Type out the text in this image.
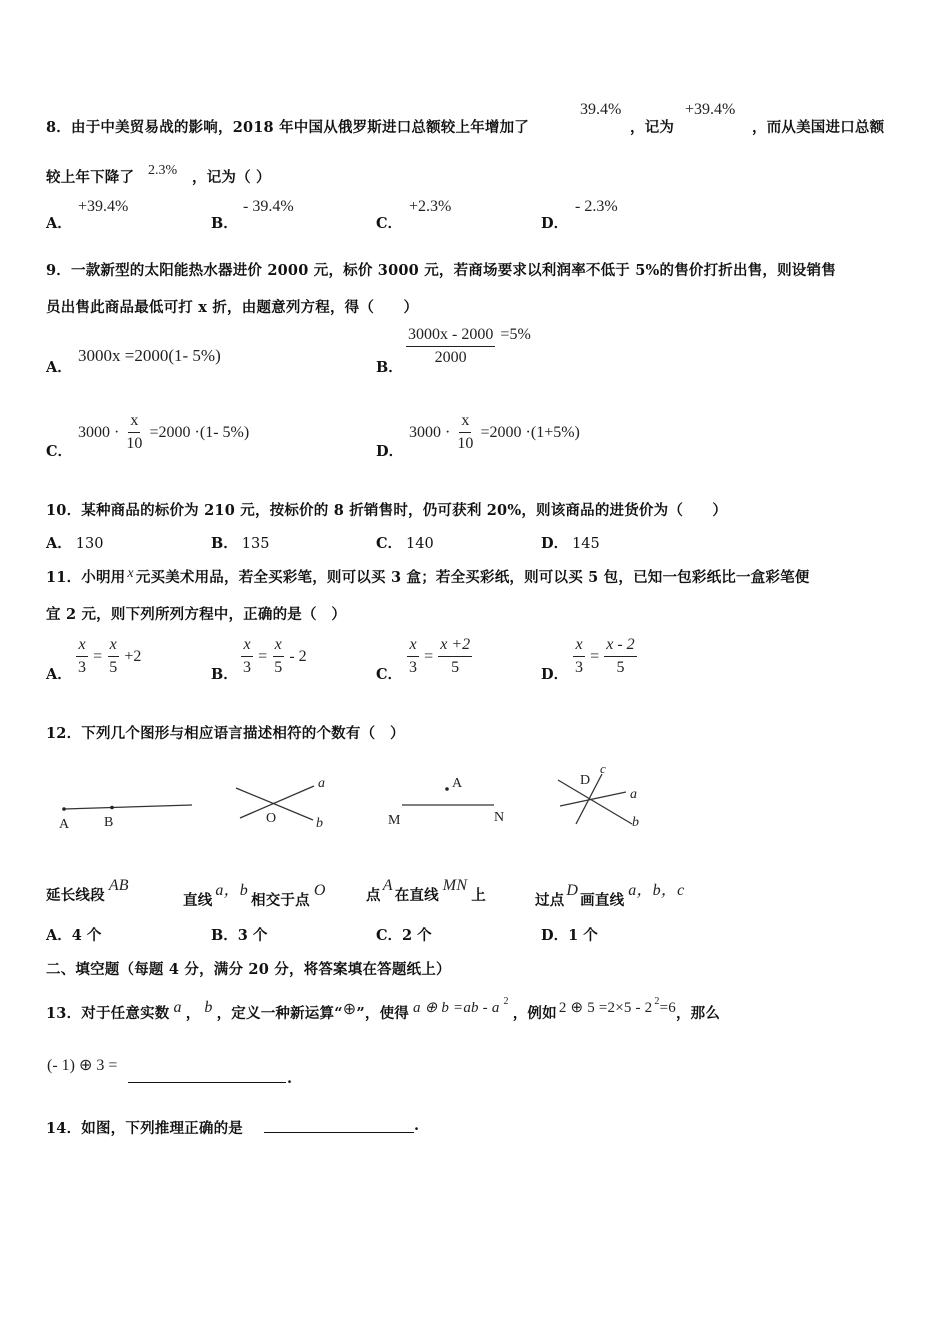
8．由于中美贸易战的影响，2018 年中国从俄罗斯进口总额较上年增加了
39.4%
，记为
+39.4%
，而从美国进口总额
较上年下降了 2.3% ，记为（ ）
A．
+39.4%
B．
- 39.4%
C．
+2.3%
D．
- 2.3%
9．一款新型的太阳能热水器进价 2000 元，标价 3000 元，若商场要求以利润率不低于 5%的售价打折出售，则设销售
员出售此商品最低可打 x 折，由题意列方程，得（　　）
A．
3000x =2000(1- 5%)
B．
$\frac{3000x - 2000}{2000} =5\%$
C．
$3000 \cdot \frac{x}{10} =2000 \cdot(1-$ 5%)
D．
$3000 \cdot \frac{x}{10} =2000 \cdot(1+5\%)$
10．某种商品的标价为 210 元，按标价的 8 折销售时，仍可获利 20%，则该商品的进货价为（　　）
A． 130	B． 135	C． 140	D． 145
11．小明用 x 元买美术用品，若全买彩笔，则可以买 3 盒；若全买彩纸，则可以买 5 包，已知一包彩纸比一盒彩笔便
宜 2 元，则下列所列方程中，正确的是（　）
A． $\frac{x}{3} = \frac{x}{5} +2$
B． $\frac{x}{3} = \frac{x}{5} - 2$
C． $\frac{x}{3} = \frac{x +2}{5}$	D． $\frac{x}{3} = \frac{x - 2}{5}$
12．下列几个图形与相应语言描述相符的个数有（　）
A B
a
O	b
A
M	N
D
c
a
b
延长线段AB
直线a，b相交于点O	点A在直线MN上	过点D画直线a，b，c
A．4 个	B．3 个	C．2 个	D．1 个
二、填空题（每题 4 分，满分 20 分，将答案填在答题纸上）
13．对于任意实数 a ， b ，定义一种新运算“⊕”，使得 a ⊕ b =ab - a $^2$，例如 2 ⊕ 5 =2×5 - 2 $^2$=6，那么
(- 1) ⊕ 3 =
.
14．如图，下列推理正确的是	.
